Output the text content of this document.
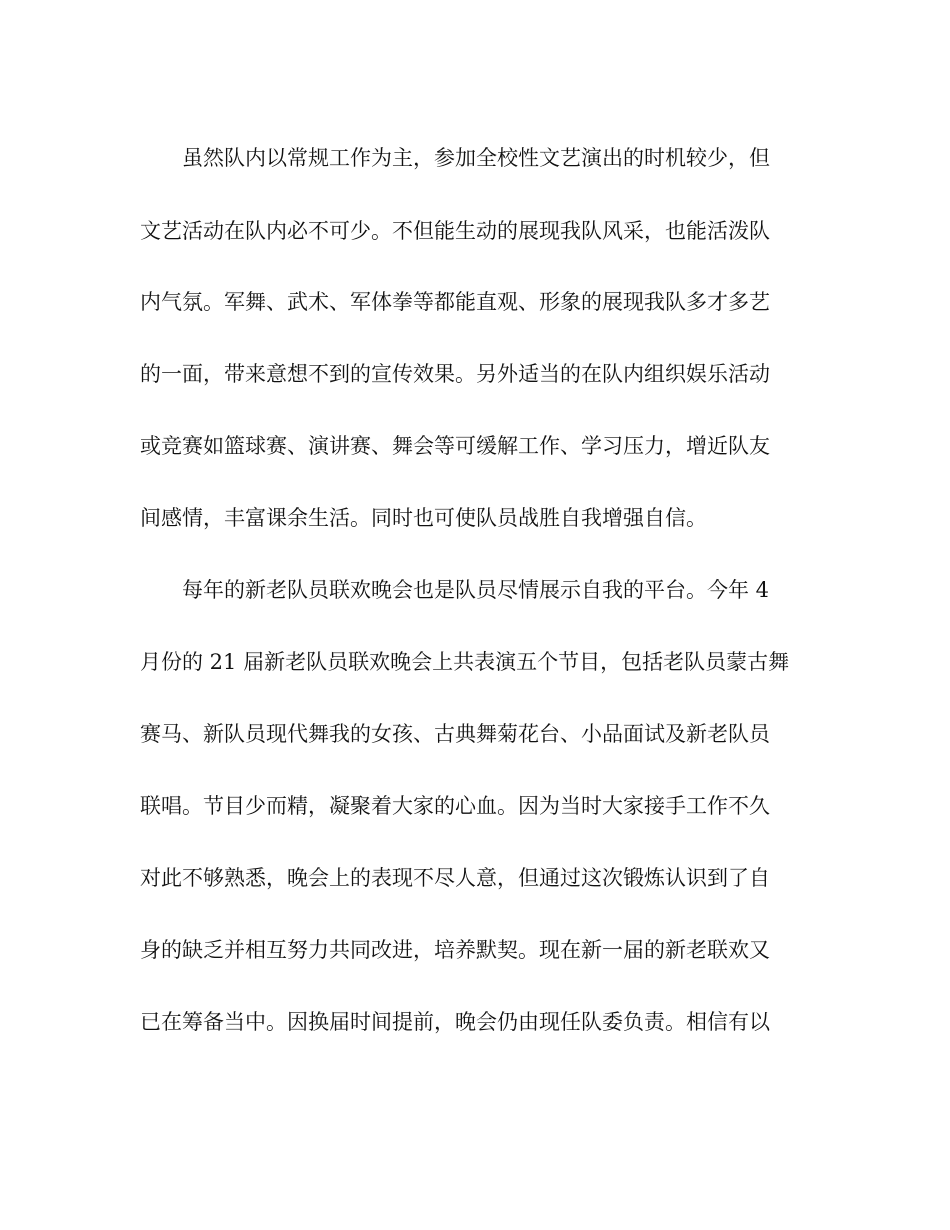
虽然队内以常规工作为主，参加全校性文艺演出的时机较少，但
文艺活动在队内必不可少。不但能生动的展现我队风采，也能活泼队
内气氛。军舞、武术、军体拳等都能直观、形象的展现我队多才多艺
的一面，带来意想不到的宣传效果。另外适当的在队内组织娱乐活动
或竞赛如篮球赛、演讲赛、舞会等可缓解工作、学习压力，增近队友
间感情，丰富课余生活。同时也可使队员战胜自我增强自信。
每年的新老队员联欢晚会也是队员尽情展示自我的平台。今年 4
月份的 21 届新老队员联欢晚会上共表演五个节目，包括老队员蒙古舞
赛马、新队员现代舞我的女孩、古典舞菊花台、小品面试及新老队员
联唱。节目少而精，凝聚着大家的心血。因为当时大家接手工作不久
对此不够熟悉，晚会上的表现不尽人意，但通过这次锻炼认识到了自
身的缺乏并相互努力共同改进，培养默契。现在新一届的新老联欢又
已在筹备当中。因换届时间提前，晚会仍由现任队委负责。相信有以
